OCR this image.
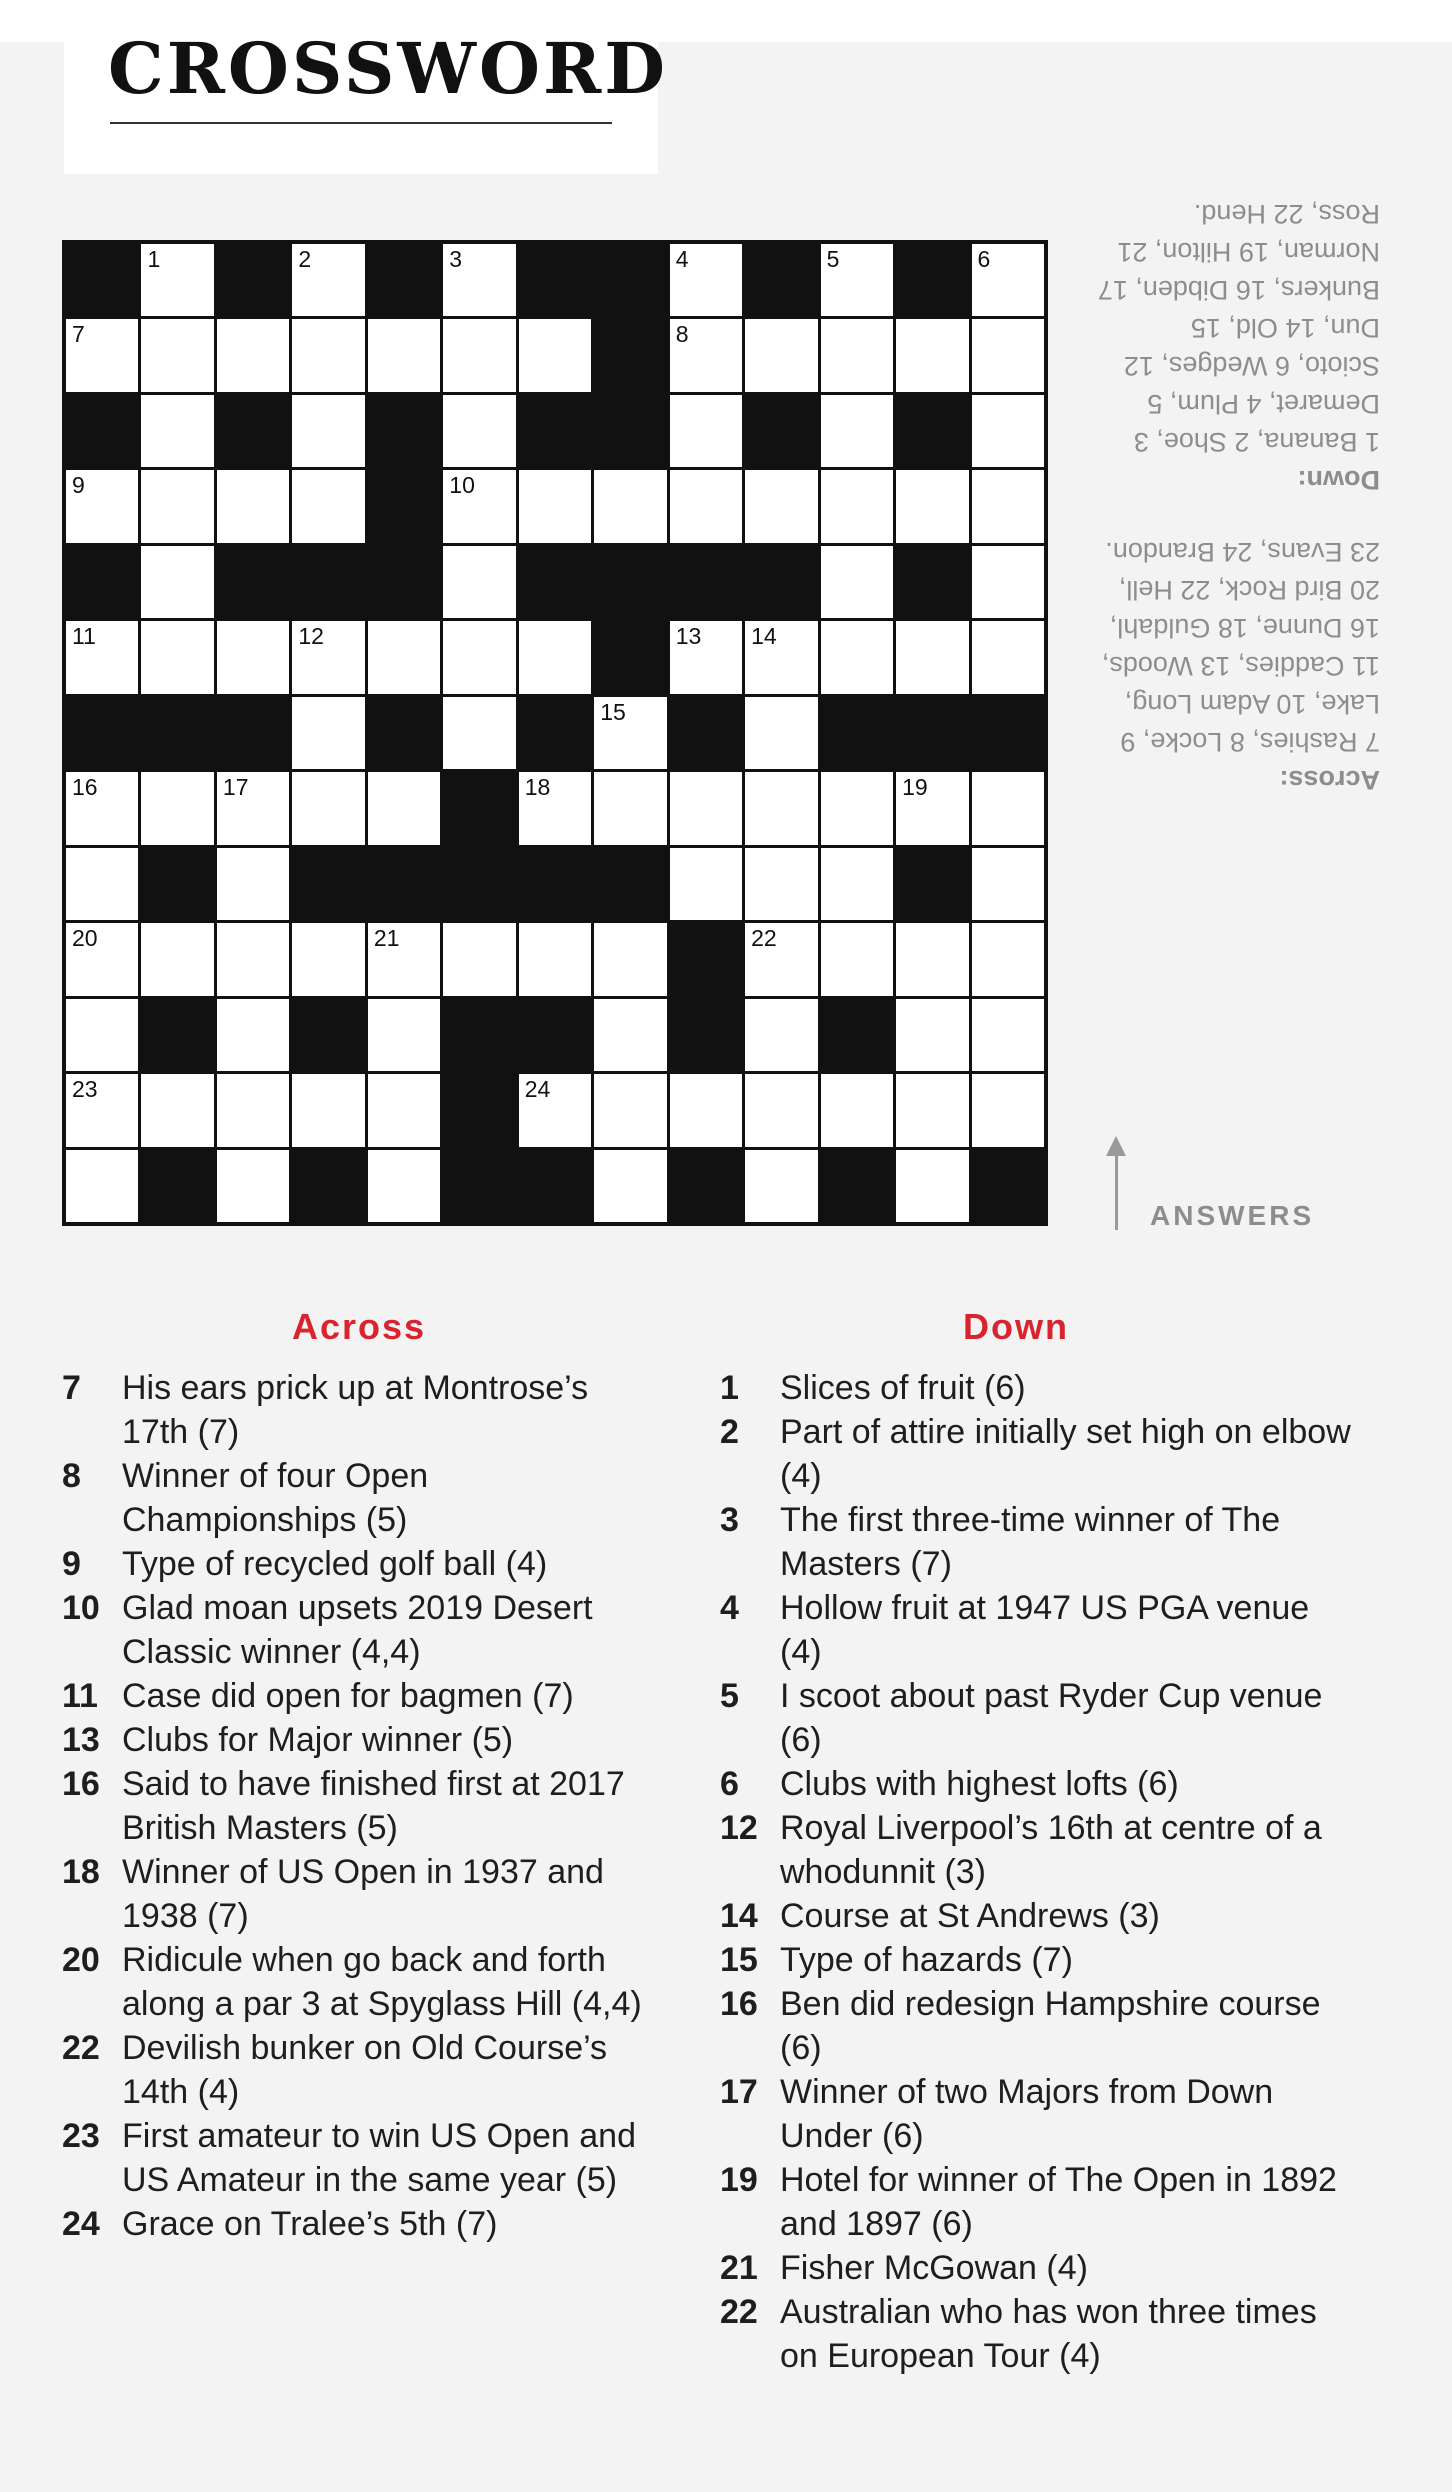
CROSSWORD
1	2	3	4	5	6
7	8
9	10
11	12	13 14
15
16	17	18	19
20	21	22
23	24
Across:
7 Rashies, 8 Locke, 9 Lake, 10 Adam Long, 11 Caddies, 13 Woods, 16 Dunne, 18 Guldahl, 20 Bird Rock, 22 Hell, 23 Evans, 24 Brandon.
Down:
1 Banana, 2 Shoe, 3 Demaret, 4 Plum, 5 Scioto, 6 Wedges, 12 Dun, 14 Old, 15 Bunkers, 16 Dibden, 17 Norman, 19 Hilton, 21 Ross, 22 Hend.
ANSWERS
Across
7 His ears prick up at Montrose’s 17th (7)
8 Winner of four Open Championships (5)
9 Type of recycled golf ball (4)
10 Glad moan upsets 2019 Desert Classic winner (4,4)
11 Case did open for bagmen (7)
13 Clubs for Major winner (5)
16 Said to have finished first at 2017 British Masters (5)
18 Winner of US Open in 1937 and 1938 (7)
20 Ridicule when go back and forth along a par 3 at Spyglass Hill (4,4)
22 Devilish bunker on Old Course’s 14th (4)
23 First amateur to win US Open and US Amateur in the same year (5)
24 Grace on Tralee’s 5th (7)
Down
1 Slices of fruit (6)
2 Part of attire initially set high on elbow (4)
3 The first three-time winner of The Masters (7)
4 Hollow fruit at 1947 US PGA venue (4)
5 I scoot about past Ryder Cup venue (6)
6 Clubs with highest lofts (6)
12 Royal Liverpool’s 16th at centre of a whodunnit (3)
14 Course at St Andrews (3)
15 Type of hazards (7)
16 Ben did redesign Hampshire course (6)
17 Winner of two Majors from Down Under (6)
19 Hotel for winner of The Open in 1892 and 1897 (6)
21 Fisher McGowan (4)
22 Australian who has won three times on European Tour (4)
